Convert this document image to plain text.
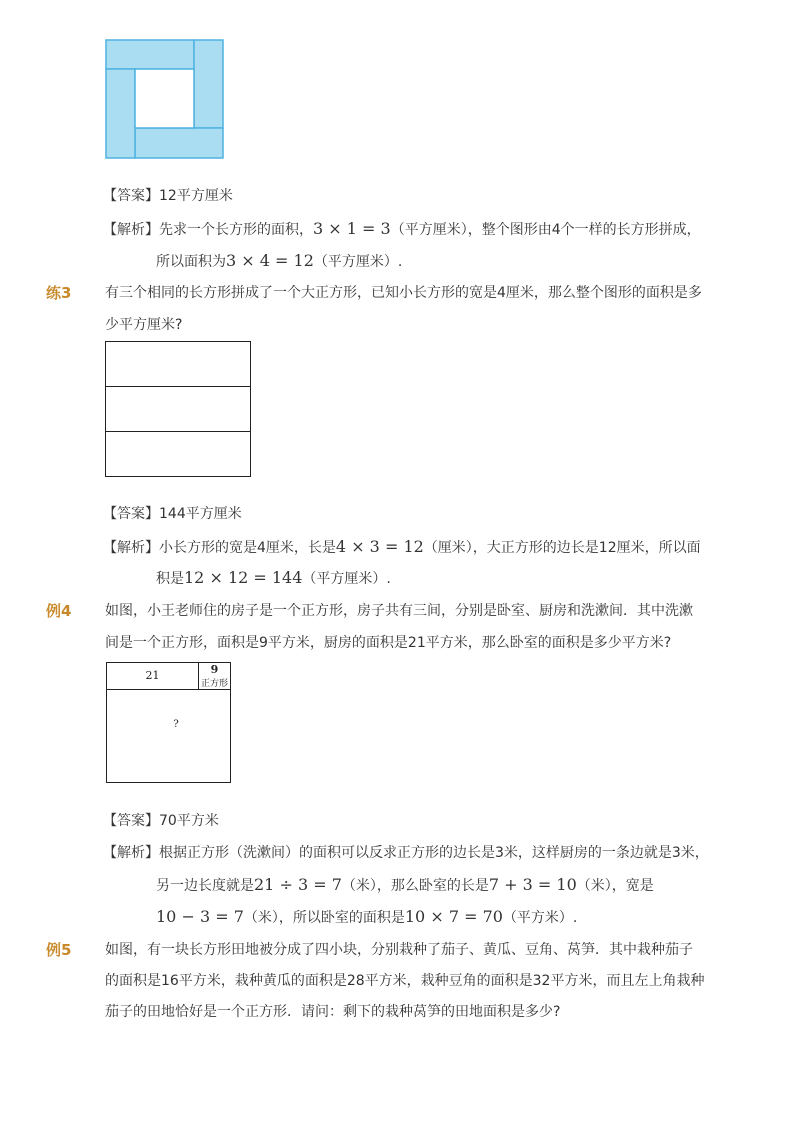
【答案】12平方厘米
【解析】先求一个长方形的面积，3 × 1 = 3（平方厘米），整个图形由4个一样的长方形拼成，
所以面积为3 × 4 = 12（平方厘米）.
练3 有三个相同的长方形拼成了一个大正方形，已知小长方形的宽是4厘米，那么整个图形的面积是多
少平方厘米?
【答案】144平方厘米
【解析】小长方形的宽是4厘米，长是4 × 3 = 12（厘米），大正方形的边长是12厘米，所以面
积是12 × 12 = 144（平方厘米）.
例4 如图，小王老师住的房子是一个正方形，房子共有三间，分别是卧室、厨房和洗漱间．其中洗漱
间是一个正方形，面积是9平方米，厨房的面积是21平方米，那么卧室的面积是多少平方米?
21	9
正方形
?
【答案】70平方米
【解析】根据正方形（洗漱间）的面积可以反求正方形的边长是3米，这样厨房的一条边就是3米，
另一边长度就是21 ÷ 3 = 7（米），那么卧室的长是7 + 3 = 10（米），宽是
10 − 3 = 7（米），所以卧室的面积是10 × 7 = 70（平方米）.
例5 如图，有一块长方形田地被分成了四小块，分别栽种了茄子、黄瓜、豆角、莴笋．其中栽种茄子
的面积是16平方米，栽种黄瓜的面积是28平方米，栽种豆角的面积是32平方米，而且左上角栽种
茄子的田地恰好是一个正方形．请问：剩下的栽种莴笋的田地面积是多少?
